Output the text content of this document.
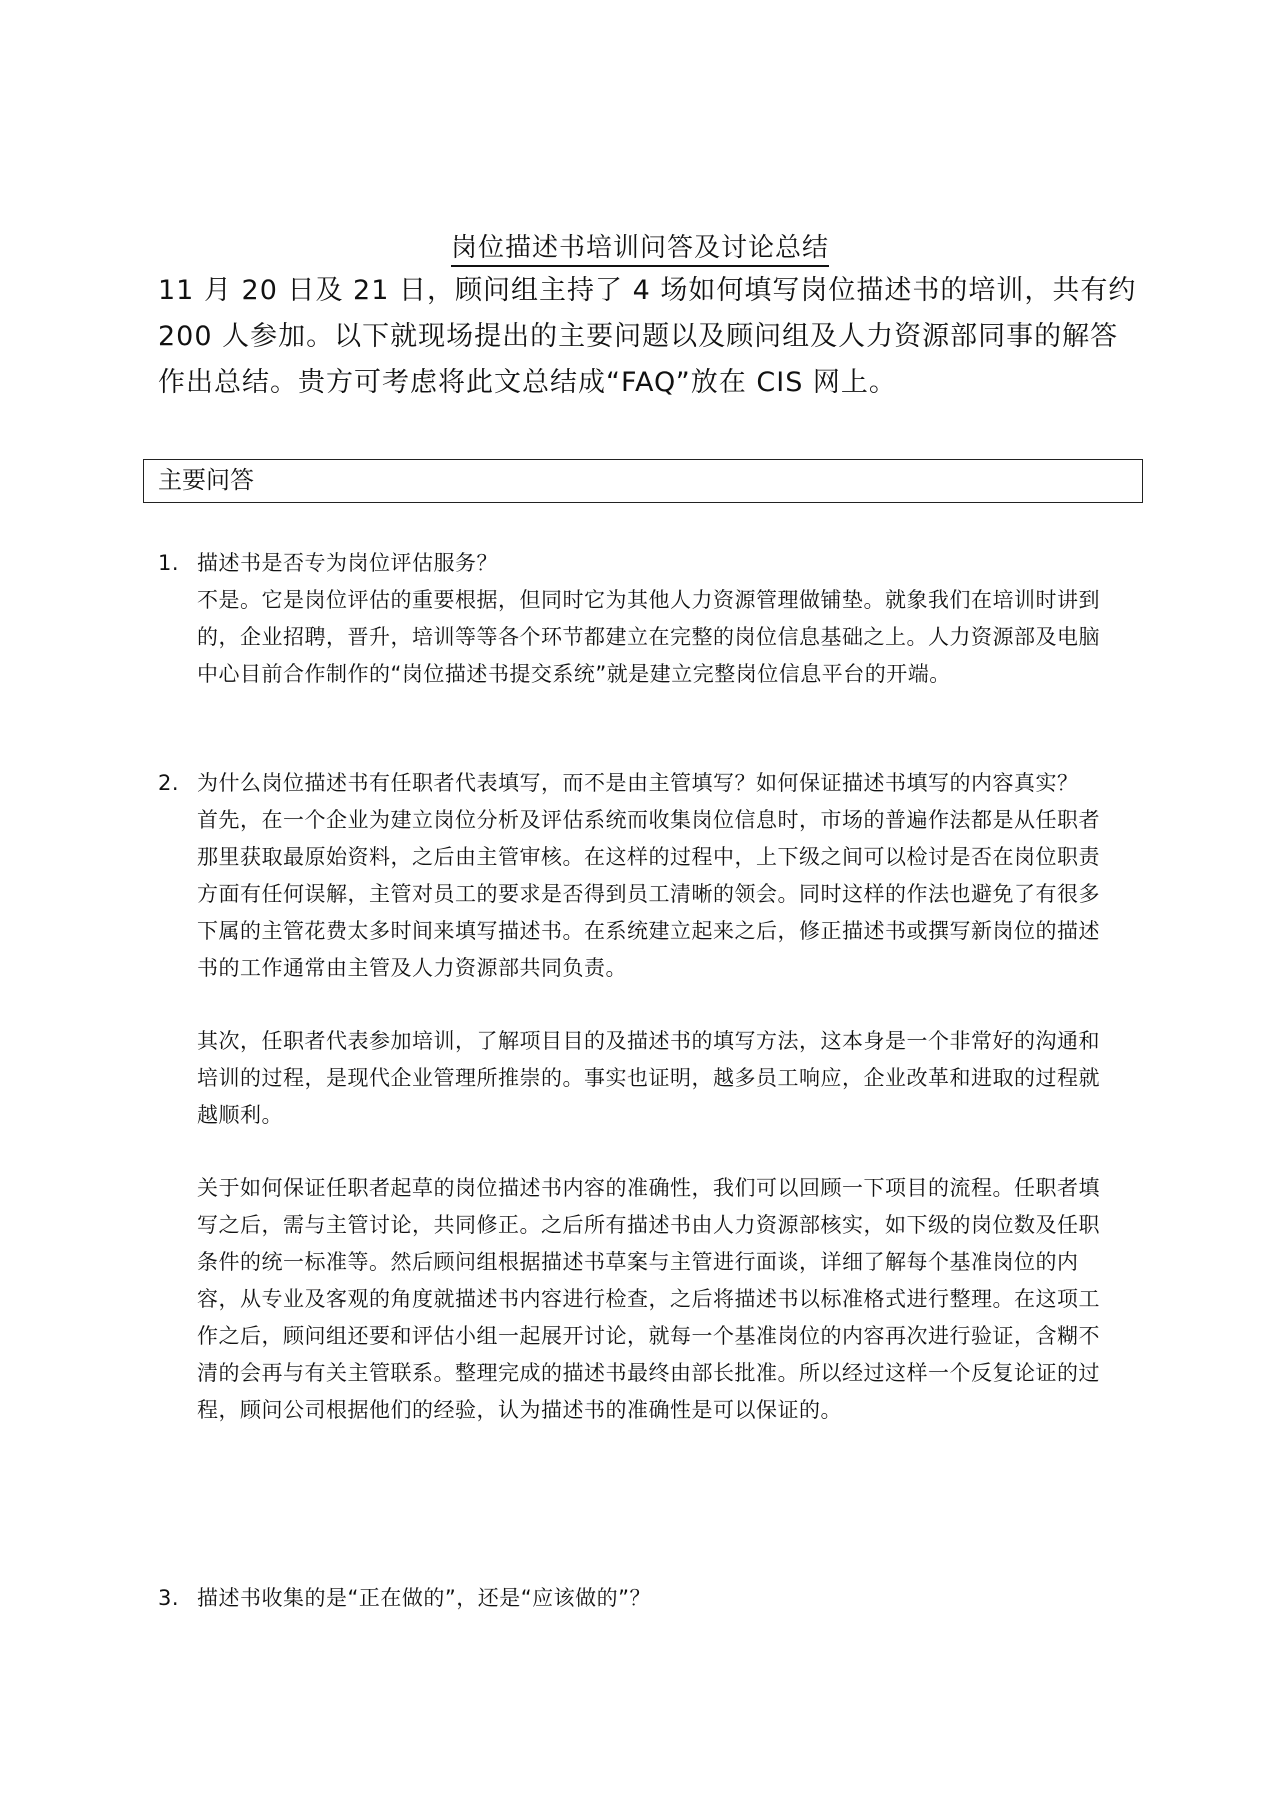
岗位描述书培训问答及讨论总结

11 月 20 日及 21 日，顾问组主持了 4 场如何填写岗位描述书的培训，共有约 200 人参加。以下就现场提出的主要问题以及顾问组及人力资源部同事的解答作出总结。贵方可考虑将此文总结成“FAQ”放在 CIS 网上。

主要问答
1. 描述书是否专为岗位评估服务？

不是。它是岗位评估的重要根据，但同时它为其他人力资源管理做铺垫。就象我们在培训时讲到的，企业招聘，晋升，培训等等各个环节都建立在完整的岗位信息基础之上。人力资源部及电脑中心目前合作制作的“岗位描述书提交系统”就是建立完整岗位信息平台的开端。

2. 为什么岗位描述书有任职者代表填写，而不是由主管填写？如何保证描述书填写的内容真实？

首先，在一个企业为建立岗位分析及评估系统而收集岗位信息时，市场的普遍作法都是从任职者那里获取最原始资料，之后由主管审核。在这样的过程中，上下级之间可以检讨是否在岗位职责方面有任何误解，主管对员工的要求是否得到员工清晰的领会。同时这样的作法也避免了有很多下属的主管花费太多时间来填写描述书。在系统建立起来之后，修正描述书或撰写新岗位的描述书的工作通常由主管及人力资源部共同负责。

其次，任职者代表参加培训，了解项目目的及描述书的填写方法，这本身是一个非常好的沟通和培训的过程，是现代企业管理所推崇的。事实也证明，越多员工响应，企业改革和进取的过程就越顺利。

关于如何保证任职者起草的岗位描述书内容的准确性，我们可以回顾一下项目的流程。任职者填写之后，需与主管讨论，共同修正。之后所有描述书由人力资源部核实，如下级的岗位数及任职条件的统一标准等。然后顾问组根据描述书草案与主管进行面谈，详细了解每个基准岗位的内容，从专业及客观的角度就描述书内容进行检查，之后将描述书以标准格式进行整理。在这项工作之后，顾问组还要和评估小组一起展开讨论，就每一个基准岗位的内容再次进行验证，含糊不清的会再与有关主管联系。整理完成的描述书最终由部长批准。所以经过这样一个反复论证的过程，顾问公司根据他们的经验，认为描述书的准确性是可以保证的。

3. 描述书收集的是“正在做的”，还是“应该做的”？
